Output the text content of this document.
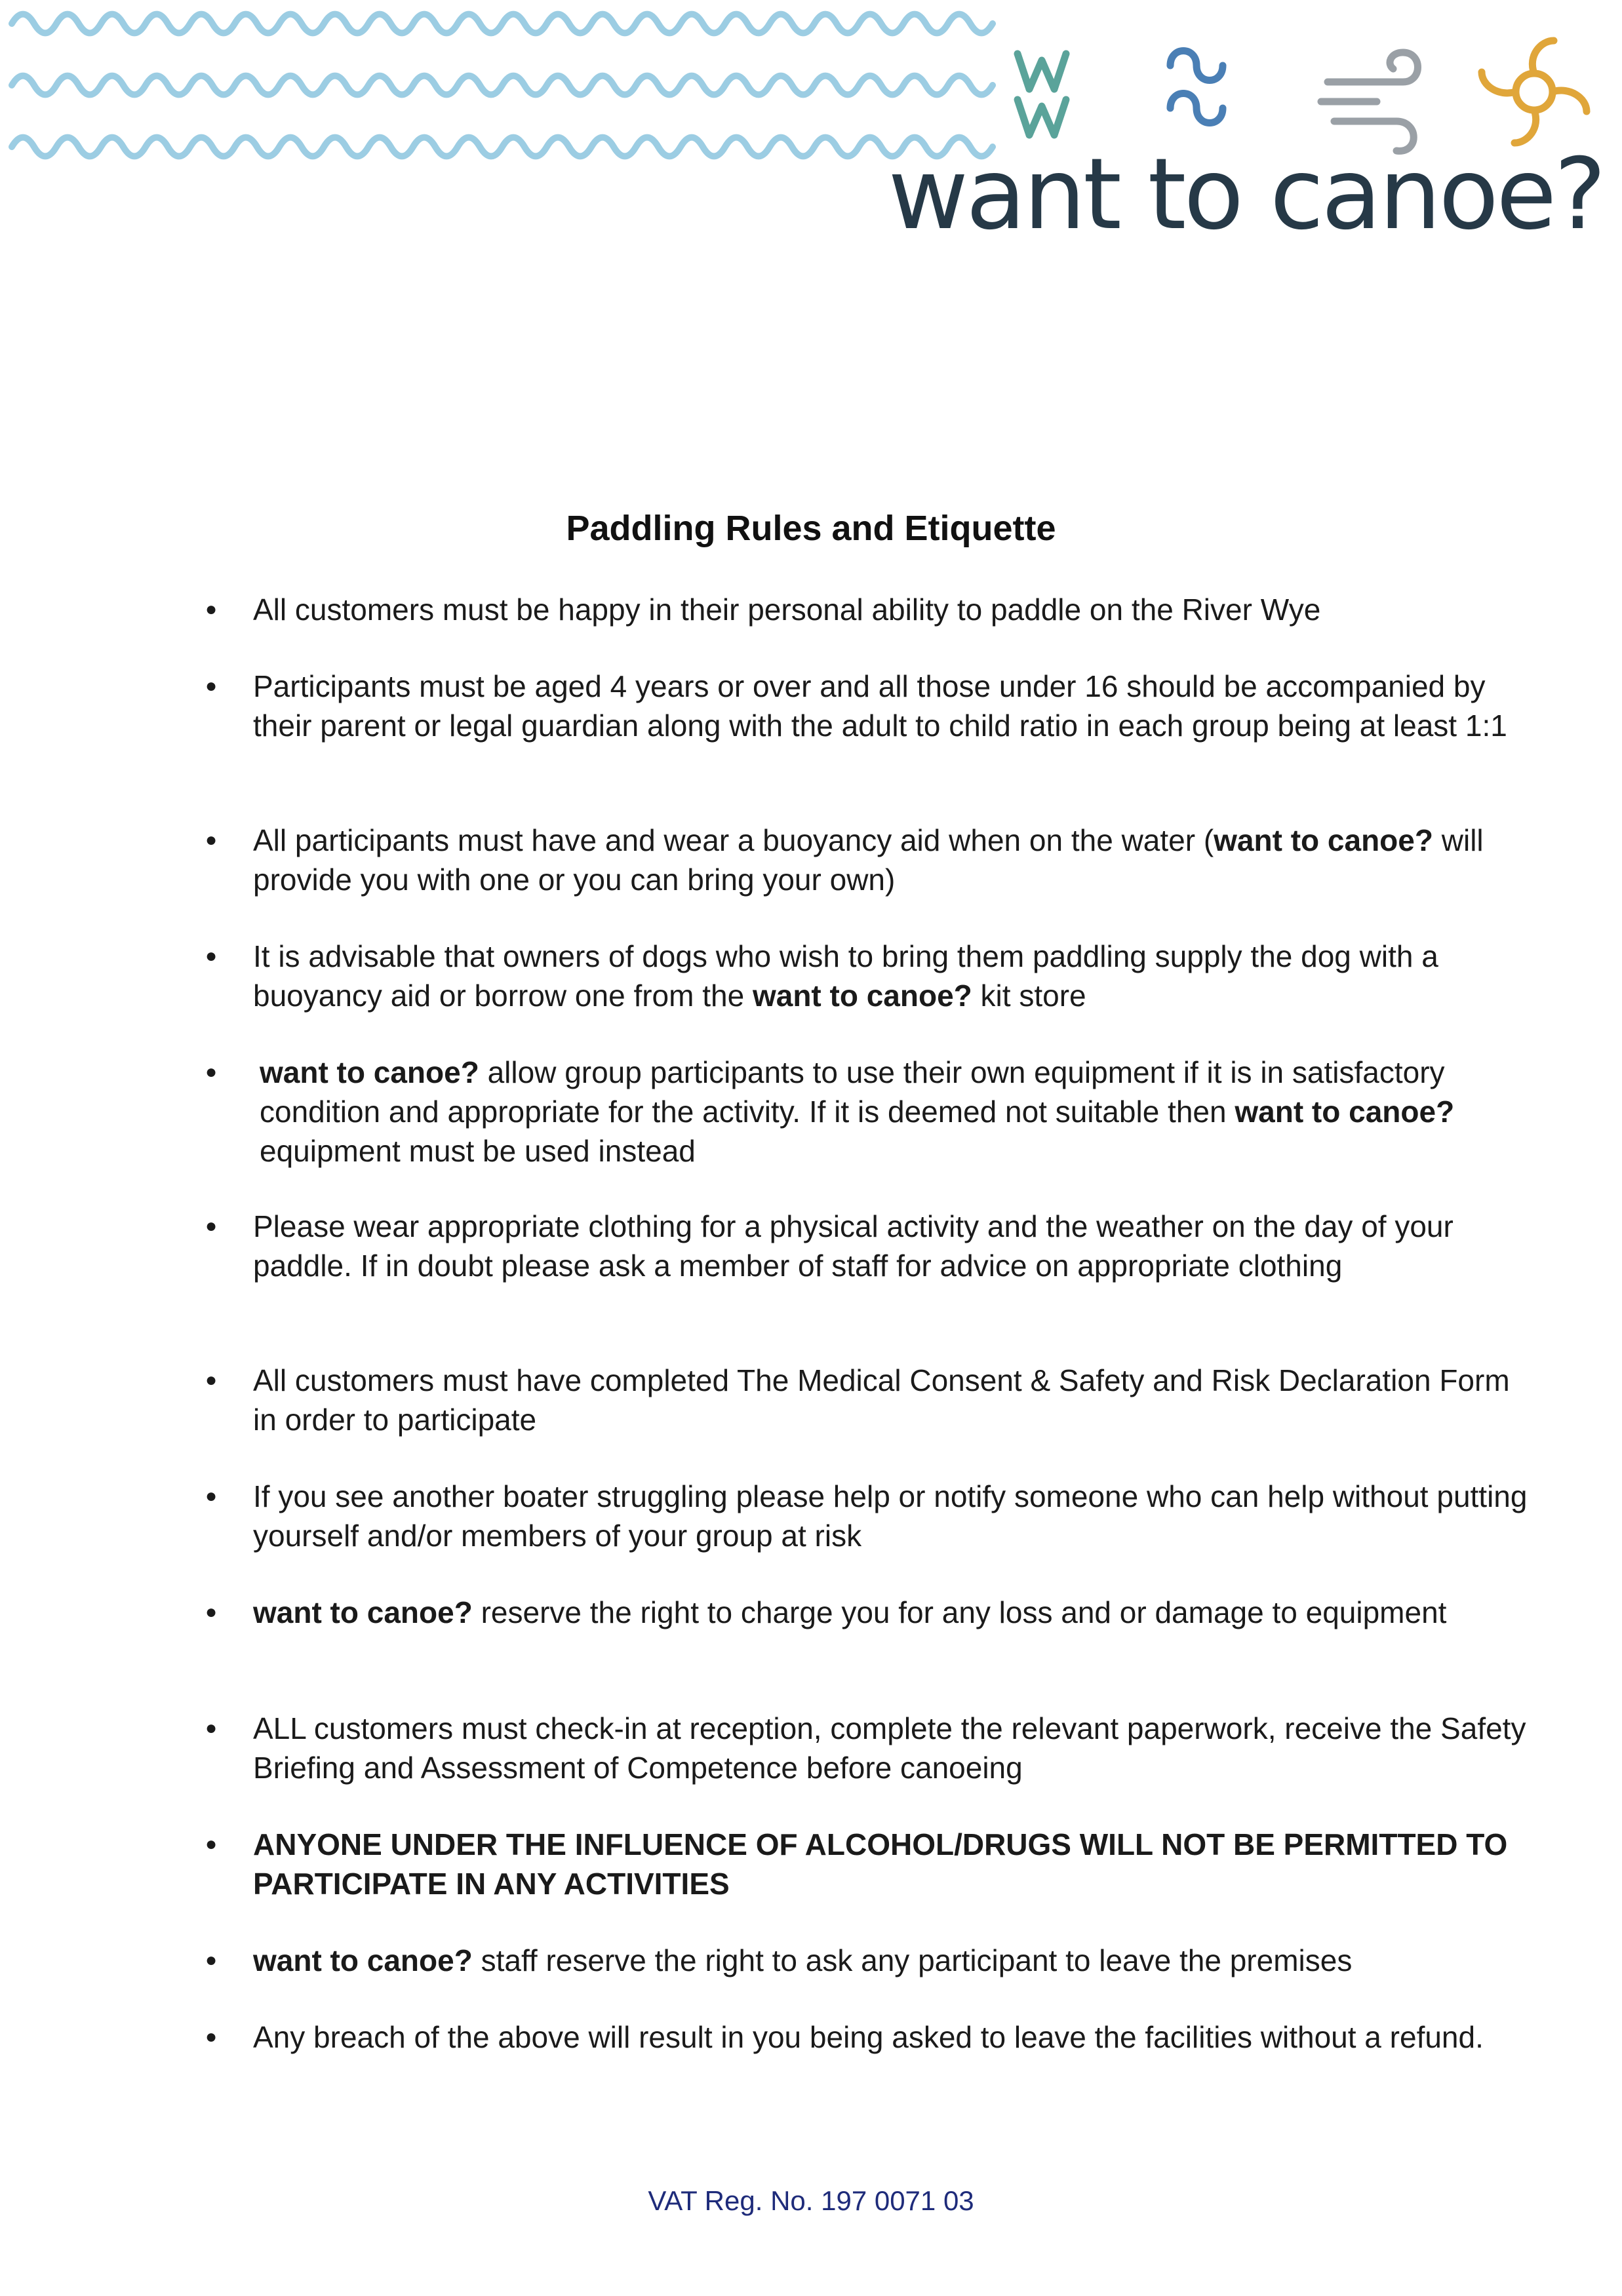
want to canoe?
Paddling Rules and Etiquette
● All customers must be happy in their personal ability to paddle on the River Wye
● Participants must be aged 4 years or over and all those under 16 should be accompanied by their parent or legal guardian along with the adult to child ratio in each group being at least 1:1
● All participants must have and wear a buoyancy aid when on the water (want to canoe? will provide you with one or you can bring your own)
● It is advisable that owners of dogs who wish to bring them paddling supply the dog with a buoyancy aid or borrow one from the want to canoe? kit store
● want to canoe? allow group participants to use their own equipment if it is in satisfactory condition and appropriate for the activity. If it is deemed not suitable then want to canoe? equipment must be used instead
● Please wear appropriate clothing for a physical activity and the weather on the day of your paddle. If in doubt please ask a member of staff for advice on appropriate clothing
● All customers must have completed The Medical Consent & Safety and Risk Declaration Form in order to participate
● If you see another boater struggling please help or notify someone who can help without putting yourself and/or members of your group at risk
● want to canoe? reserve the right to charge you for any loss and or damage to equipment
● ALL customers must check-in at reception, complete the relevant paperwork, receive the Safety Briefing and Assessment of Competence before canoeing
● ANYONE UNDER THE INFLUENCE OF ALCOHOL/DRUGS WILL NOT BE PERMITTED TO PARTICIPATE IN ANY ACTIVITIES
● want to canoe? staff reserve the right to ask any participant to leave the premises
● Any breach of the above will result in you being asked to leave the facilities without a refund.
VAT Reg. No. 197 0071 03
